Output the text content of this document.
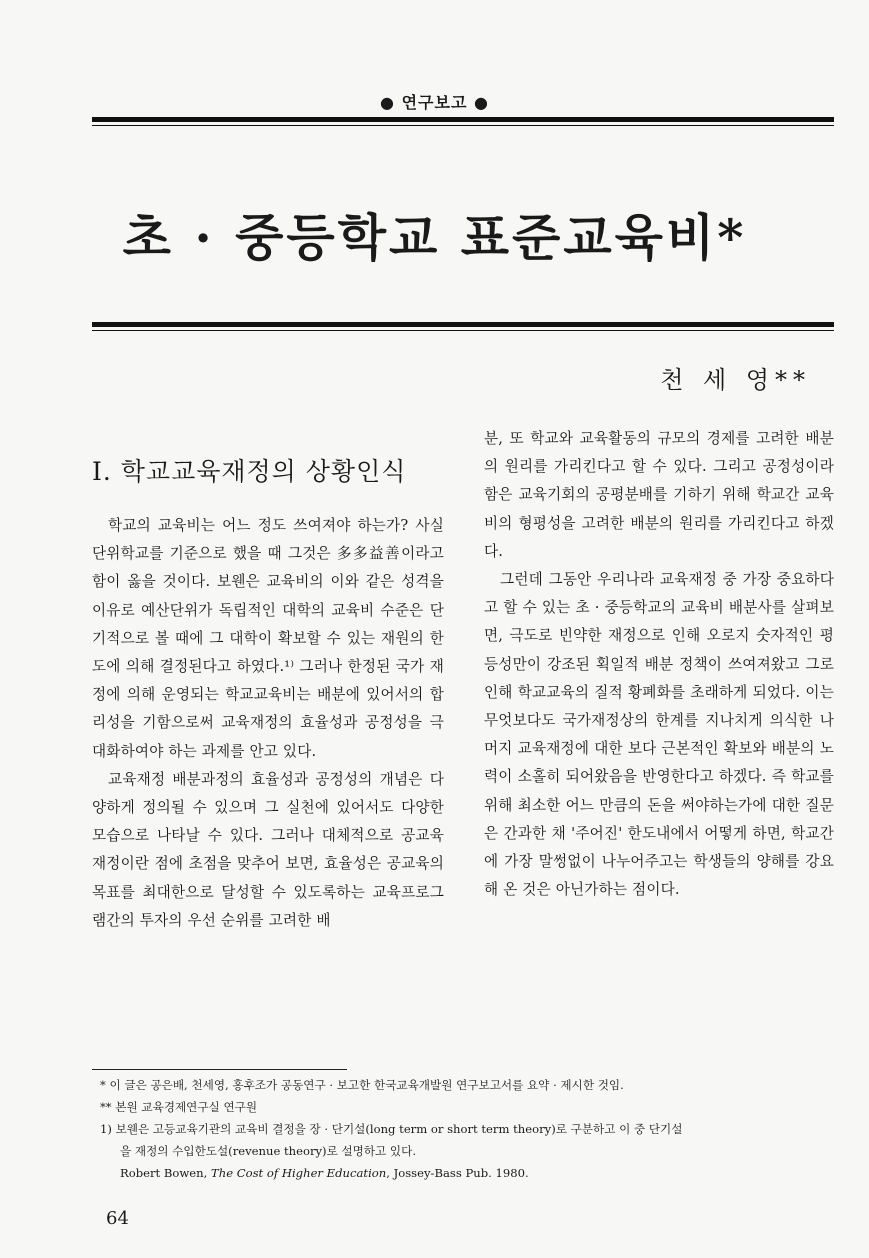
● 연구보고 ●
초 · 중등학교 표준교육비*
천 세 영**
I. 학교교육재정의 상황인식

학교의 교육비는 어느 정도 쓰여져야 하는가? 사실 단위학교를 기준으로 했을 때 그것은 多多益善이라고 함이 옳을 것이다. 보웬은 교육비의 이와 같은 성격을 이유로 예산단위가 독립적인 대학의 교육비 수준은 단기적으로 볼 때에 그 대학이 확보할 수 있는 재원의 한도에 의해 결정된다고 하였다.¹⁾ 그러나 한정된 국가 재정에 의해 운영되는 학교교육비는 배분에 있어서의 합리성을 기함으로써 교육재정의 효율성과 공정성을 극대화하여야 하는 과제를 안고 있다.

교육재정 배분과정의 효율성과 공정성의 개념은 다양하게 정의될 수 있으며 그 실천에 있어서도 다양한 모습으로 나타날 수 있다. 그러나 대체적으로 공교육 재정이란 점에 초점을 맞추어 보면, 효율성은 공교육의 목표를 최대한으로 달성할 수 있도록하는 교육프로그램간의 투자의 우선 순위를 고려한 배

분, 또 학교와 교육활동의 규모의 경제를 고려한 배분의 원리를 가리킨다고 할 수 있다. 그리고 공정성이라 함은 교육기회의 공평분배를 기하기 위해 학교간 교육비의 형평성을 고려한 배분의 원리를 가리킨다고 하겠다.

그런데 그동안 우리나라 교육재정 중 가장 중요하다고 할 수 있는 초 · 중등학교의 교육비 배분사를 살펴보면, 극도로 빈약한 재정으로 인해 오로지 숫자적인 평등성만이 강조된 획일적 배분 정책이 쓰여져왔고 그로 인해 학교교육의 질적 황폐화를 초래하게 되었다. 이는 무엇보다도 국가재정상의 한계를 지나치게 의식한 나머지 교육재정에 대한 보다 근본적인 확보와 배분의 노력이 소홀히 되어왔음을 반영한다고 하겠다. 즉 학교를 위해 최소한 어느 만큼의 돈을 써야하는가에 대한 질문은 간과한 채 '주어진' 한도내에서 어떻게 하면, 학교간에 가장 말썽없이 나누어주고는 학생들의 양해를 강요해 온 것은 아닌가하는 점이다.

* 이 글은 공은배, 천세영, 홍후조가 공동연구 · 보고한 한국교육개발원 연구보고서를 요약 · 제시한 것임.
** 본원 교육경제연구실 연구원
1) 보웬은 고등교육기관의 교육비 결정을 장 · 단기설(long term or short term theory)로 구분하고 이 중 단기설
을 재정의 수입한도설(revenue theory)로 설명하고 있다.
Robert Bowen, The Cost of Higher Education, Jossey-Bass Pub. 1980.
64
